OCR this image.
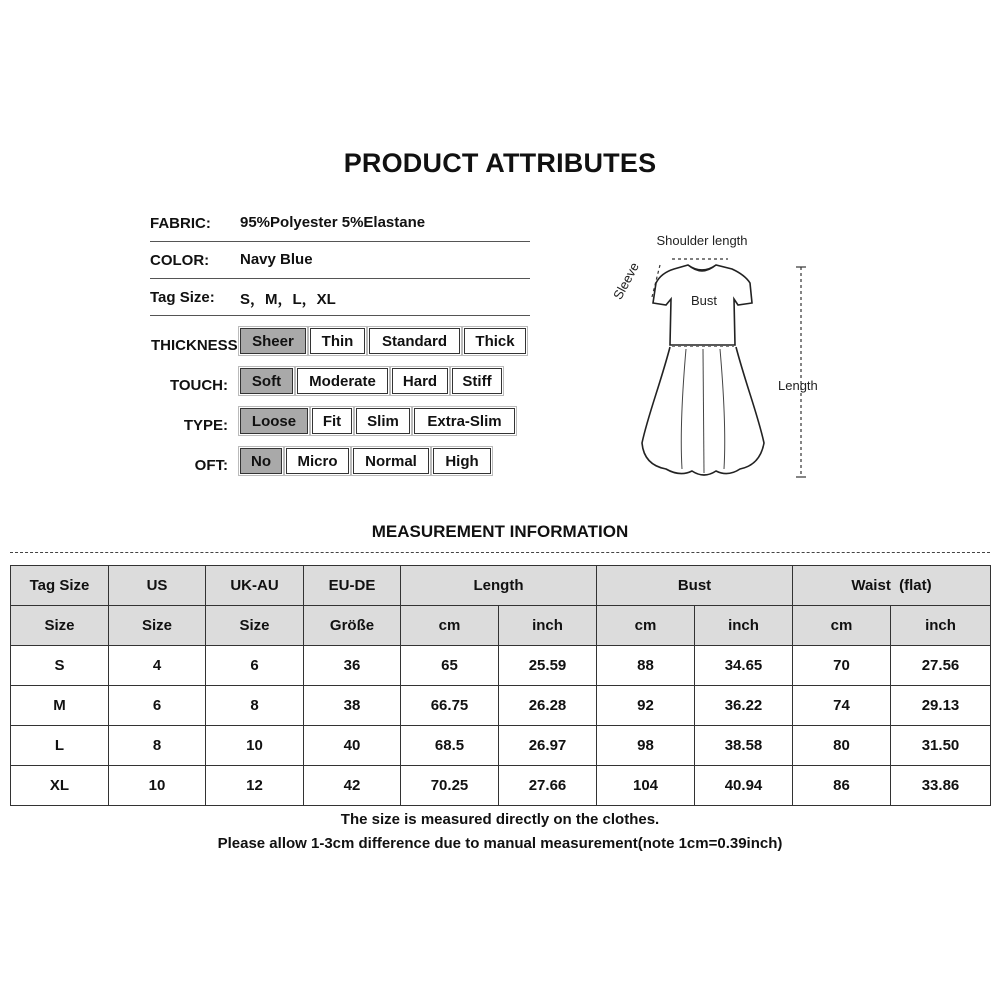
PRODUCT ATTRIBUTES
FABRIC: 95%Polyester 5%Elastane
COLOR: Navy Blue
Tag Size: S，M，L，XL
THICKNESS Sheer	Thin	Standard	Thick
TOUCH:	Soft	Moderate	Hard	Stiff
TYPE:	Loose	Fit	Slim	Extra-Slim
OFT:	No	Micro	Normal	High
Shoulder length
Sleeve	Bust
Length
MEASUREMENT INFORMATION
Tag Size	US	UK-AU	EU-DE	Length		Bust		Waist  (flat)	
Size	Size	Size	Größe	cm	inch	cm	inch	cm	inch
S	4	6	36	65	25.59	88	34.65	70	27.56
M	6	8	38	66.75	26.28	92	36.22	74	29.13
L	8	10	40	68.5	26.97	98	38.58	80	31.50
XL	10	12	42	70.25	27.66	104	40.94	86	33.86
The size is measured directly on the clothes.
Please allow 1-3cm difference due to manual measurement(note 1cm=0.39inch)
